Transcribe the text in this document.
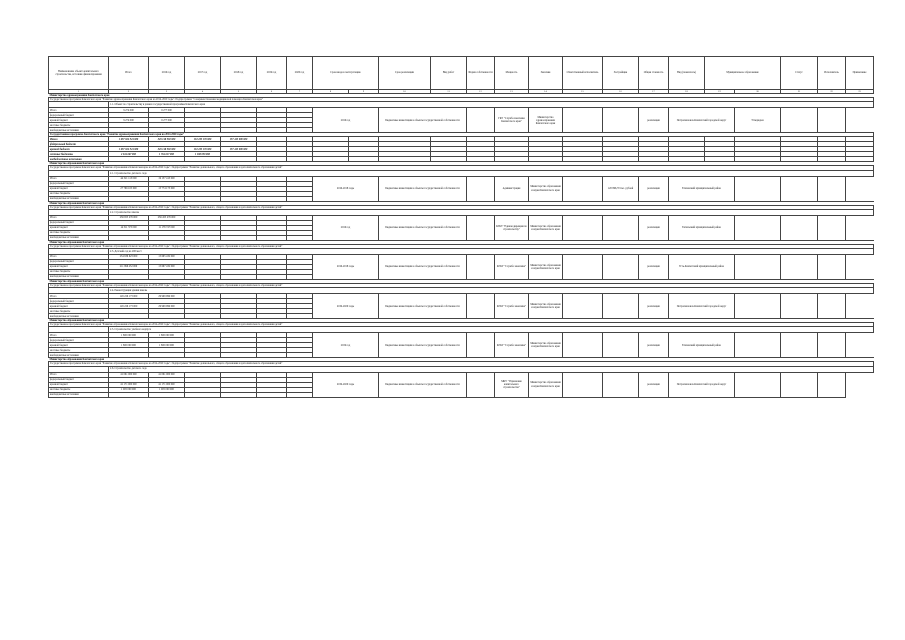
Наименование объекта капитального строительства, источник финансирования	Итого	2016 год	2017 год	2018 год	2019 год	2020 год	Срок ввода в эксплуатацию		Срок реализации	Вид работ	Форма собственности	Мощность	Заказчик	Ответственный исполнитель	Застройщик	Общая стоимость	Вид (показатель)	Муниципальное образование		Статус	Исполнитель	Примечание
1	2	3	4	5	6	7	8	9	10	11	12	13	14	15	16	17	18	19	20	21	22	23
Министерство здравоохранения Камчатского края																						
Государственная программа Камчатского края "Развитие здравоохранения Камчатского края на 2014-2020 годы". Подпрограмма "Совершенствование медицинской помощи в Камчатском крае"																						
	1.1. Объект по строительству в рамках государственной программы Камчатского края																					
Итого	9 274 000	6 277 000					2016 год		Бюджетные инвестиции в объекты государственной собственности			ГКУ "Служба заказчика Камчатского края"	Министерство здравоохранения Камчатского края			реализация	Петропавловск-Камчатский городской округ		Утвержден			
федеральный бюджет																						
краевой бюджет	9 274 000	6 277 000																				
местные бюджеты																						
внебюджетные источники																						
Государственная программа Камчатского края "Развитие здравоохранения Камчатского края на 2014-2020 годы"																						
Итого	1 657 022 524 000	349 148 592 000	132 233 135 000	157 423 000 000																		
федеральный бюджет																						
краевой бюджет	1 657 022 524 000	349 148 592 000	132 233 135 000	157 423 000 000																		
местные бюджеты	2 944 667 000	1 764 617 000	1 180 050 000																			
внебюджетные источники																						
Министерство образования Камчатского края																						
Государственная программа Камчатского края "Развитие образования в Камчатском крае на 2014-2020 годы". Подпрограмма "Развитие дошкольного, общего образования и дополнительного образования детей"																						
	2.1. Строительство детского сада																					
Итого	44 321 113 000	19 137 413 000					2016-2018 годы		Бюджетные инвестиции в объекты государственной собственности			Администрация	Министерство образования и науки Камчатского края		120 896,70 тыс. рублей	реализация	Елизовский муниципальный район					
федеральный бюджет																						
краевой бюджет	27 766 105 000	15 774 173 000																				
местные бюджеты																						
внебюджетные источники																						
Министерство образования Камчатского края																						
Государственная программа Камчатского края "Развитие образования в Камчатском крае на 2014-2020 годы". Подпрограмма "Развитие дошкольного, общего образования и дополнительного образования детей"																						
	2.2. Строительство школы																					
Итого	236 955 276 000	236 455 276 000					2016 год		Бюджетные инвестиции в объекты государственной собственности			КГКУ "Единая дирекция по строительству"	Министерство образования и науки Камчатского края			реализация	Тигильский муниципальный район					
федеральный бюджет																						
краевой бюджет	14 311 375 000	11 178 747 000																				
местные бюджеты																						
внебюджетные источники																						
Министерство образования Камчатского края																						
Государственная программа Камчатского края "Развитие образования в Камчатском крае на 2014-2020 годы". Подпрограмма "Развитие дошкольного, общего образования и дополнительного образования детей"																						
	2.3. Детский сад на 200 мест																					
Итого	234 936 623 000	15 665 432 000					2016-2018 годы		Бюджетные инвестиции в объекты государственной собственности			КГКУ "Служба заказчика"	Министерство образования и науки Камчатского края			реализация	Усть-Камчатский муниципальный район					
федеральный бюджет																						
краевой бюджет	211 996 252 000	15 667 432 000																				
местные бюджеты																						
внебюджетные источники																						
Министерство образования Камчатского края																						
Государственная программа Камчатского края "Развитие образования в Камчатском крае на 2014-2020 годы". Подпрограмма "Развитие дошкольного, общего образования и дополнительного образования детей"																						
	2.4. Реконструкция здания школы																					
Итого	126 226 173 000	29 999 999 000					2019-2020 годы		Бюджетные инвестиции в объекты государственной собственности			КГКУ "Служба заказчика"	Министерство образования и науки Камчатского края			реализация	Петропавловск-Камчатский городской округ					
федеральный бюджет																						
краевой бюджет	126 226 173 000	29 999 999 000																				
местные бюджеты																						
внебюджетные источники																						
Министерство образования Камчатского края																						
Государственная программа Камчатского края "Развитие образования в Камчатском крае на 2014-2020 годы". Подпрограмма "Развитие дошкольного, общего образования и дополнительного образования детей"																						
	2.5. Строительство учебного корпуса																					
Итого	1 800 000 000	1 800 000 000					2019 год		Бюджетные инвестиции в объекты государственной собственности			КГКУ "Служба заказчика"	Министерство образования и науки Камчатского края			реализация	Елизовский муниципальный район					
федеральный бюджет																						
краевой бюджет	1 800 000 000	1 800 000 000																				
местные бюджеты																						
внебюджетные источники																						
Министерство образования Камчатского края																						
Государственная программа Камчатского края "Развитие образования в Камчатском крае на 2014-2020 годы". Подпрограмма "Развитие дошкольного, общего образования и дополнительного образования детей"																						
	2.6. Строительство детского сада																					
Итого	41 061 000 000	41 061 000 000					2019-2020 годы		Бюджетные инвестиции в объекты государственной собственности			МКУ "Управление капитального строительства"	Министерство образования и науки Камчатского края			реализация	Петропавловск-Камчатский городской округ					
федеральный бюджет																						
краевой бюджет	41 171 000 000	41 171 000 000																				
местные бюджеты	1 005 000 000	1 005 000 000																				
внебюджетные источники																						
